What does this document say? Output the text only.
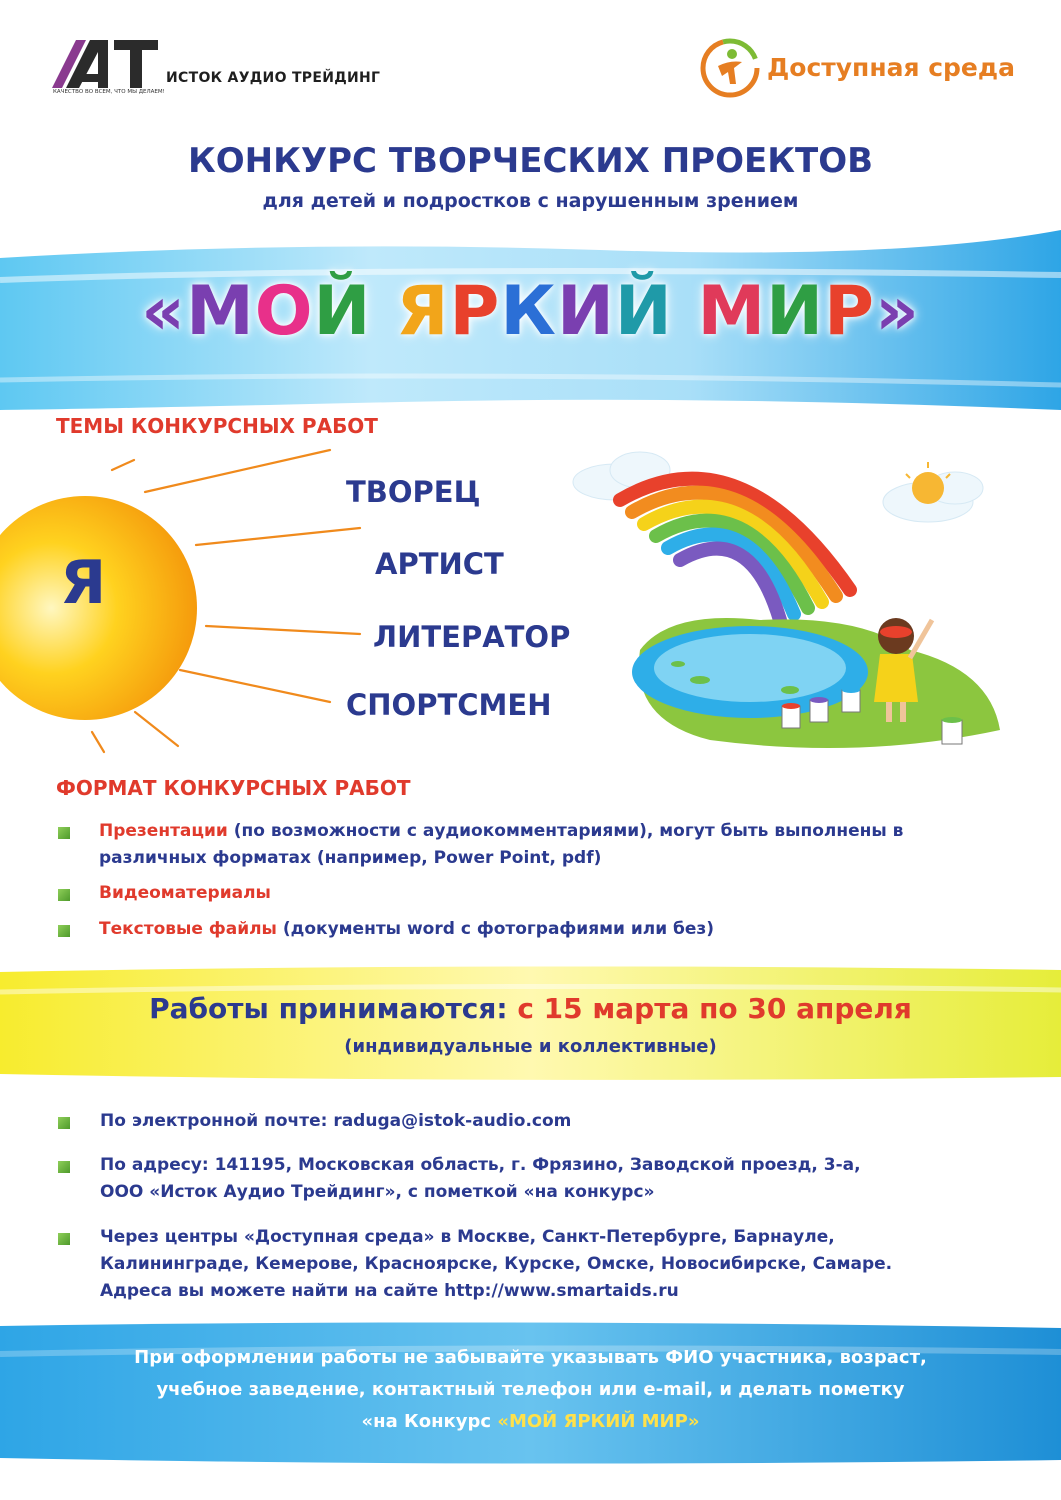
ИСТОК АУДИО ТРЕЙДИНГ
КАЧЕСТВО ВО ВСЕМ, ЧТО МЫ ДЕЛАЕМ!
Доступная среда
КОНКУРС ТВОРЧЕСКИХ ПРОЕКТОВ
для детей и подростков с нарушенным зрением
«МОЙ ЯРКИЙ МИР»
ТЕМЫ КОНКУРСНЫХ РАБОТ
Я
ТВОРЕЦ
АРТИСТ
ЛИТЕРАТОР
СПОРТСМЕН
ФОРМАТ КОНКУРСНЫХ РАБОТ
Презентации (по возможности с аудиокомментариями), могут быть выполнены в
различных форматах (например, Power Point, pdf)
Видеоматериалы
Текстовые файлы (документы word с фотографиями или без)
Работы принимаются: с 15 марта по 30 апреля
(индивидуальные и коллективные)
По электронной почте: raduga@istok-audio.com
По адресу: 141195, Московская область, г. Фрязино, Заводской проезд, 3-а,
ООО «Исток Аудио Трейдинг», с пометкой «на конкурс»
Через центры «Доступная среда» в Москве, Санкт-Петербурге, Барнауле,
Калининграде, Кемерове, Красноярске, Курске, Омске, Новосибирске, Самаре.
Адреса вы можете найти на сайте http://www.smartaids.ru
При оформлении работы не забывайте указывать ФИО участника, возраст,
учебное заведение, контактный телефон или e-mail, и делать пометку
«на Конкурс «МОЙ ЯРКИЙ МИР»
